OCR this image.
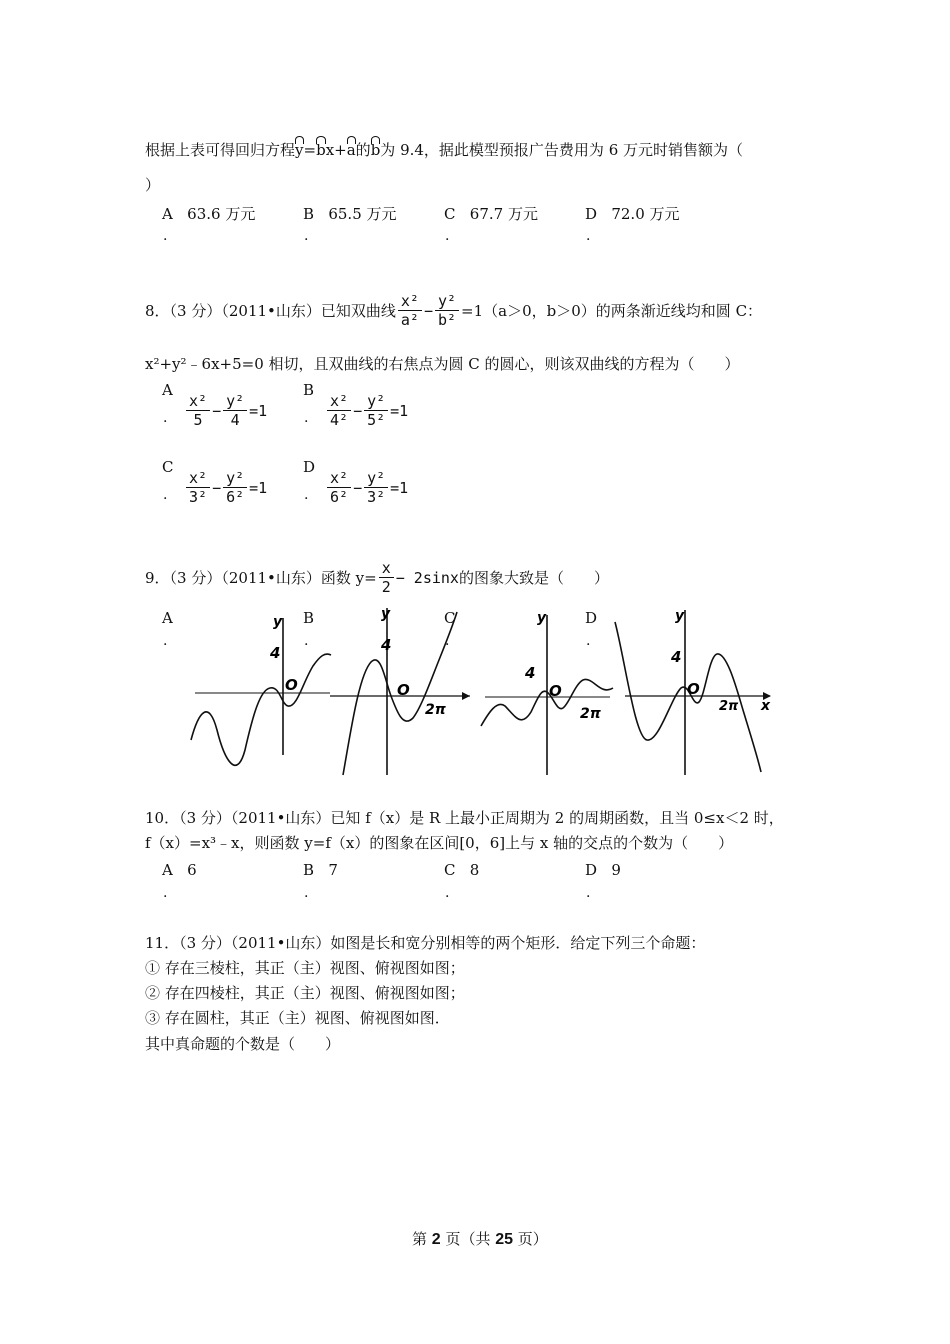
根据上表可得回归方程y=bx+a的b为 9.4，据此模型预报广告费用为 6 万元时销售额为（
）
A 63.6 万元	B 65.5 万元	C 67.7 万元	D 72.0 万元
.	.	.	.
8．（3 分）（2011•山东）已知双曲线 $\frac{\text{x²}}{\text{a²}} - \frac{\text{y²}}{\text{b²}} =1$ （a＞0，b＞0）的两条渐近线均和圆 C：
x²+y²﹣6x+5=0 相切，且双曲线的右焦点为圆 C 的圆心，则该双曲线的方程为（　　）
A
. $\frac{\text{x²}}{5} - \frac{\text{y²}}{4} =1$
B
. $\frac{\text{x²}}{\text{4²}} - \frac{\text{y²}}{\text{5²}} =1$
C
. $\frac{\text{x²}}{\text{3²}} - \frac{\text{y²}}{\text{6²}} =1$
D
. $\frac{\text{x²}}{\text{6²}} - \frac{\text{y²}}{\text{3²}} =1$
9．（3 分）（2011•山东）函数 $y= \frac{x}{2} - 2\sin x$ 的图象大致是（　　）
A
.
B
.
C
.
D
.
y
4
O
y
4
O
2π
y
4
O
2π
y
4
O
2π x
10．（3 分）（2011•山东）已知 f（x）是 R 上最小正周期为 2 的周期函数，且当 0≤x＜2 时，
f（x）=x³﹣x，则函数 y=f（x）的图象在区间[0，6]上与 x 轴的交点的个数为（　　）
A 6	B 7	C 8	D 9
.	.	.	.
11．（3 分）（2011•山东）如图是长和宽分别相等的两个矩形．给定下列三个命题：
① 存在三棱柱，其正（主）视图、俯视图如图；
② 存在四棱柱，其正（主）视图、俯视图如图；
③ 存在圆柱，其正（主）视图、俯视图如图．
其中真命题的个数是（　　）
第 2 页（共 25 页）
